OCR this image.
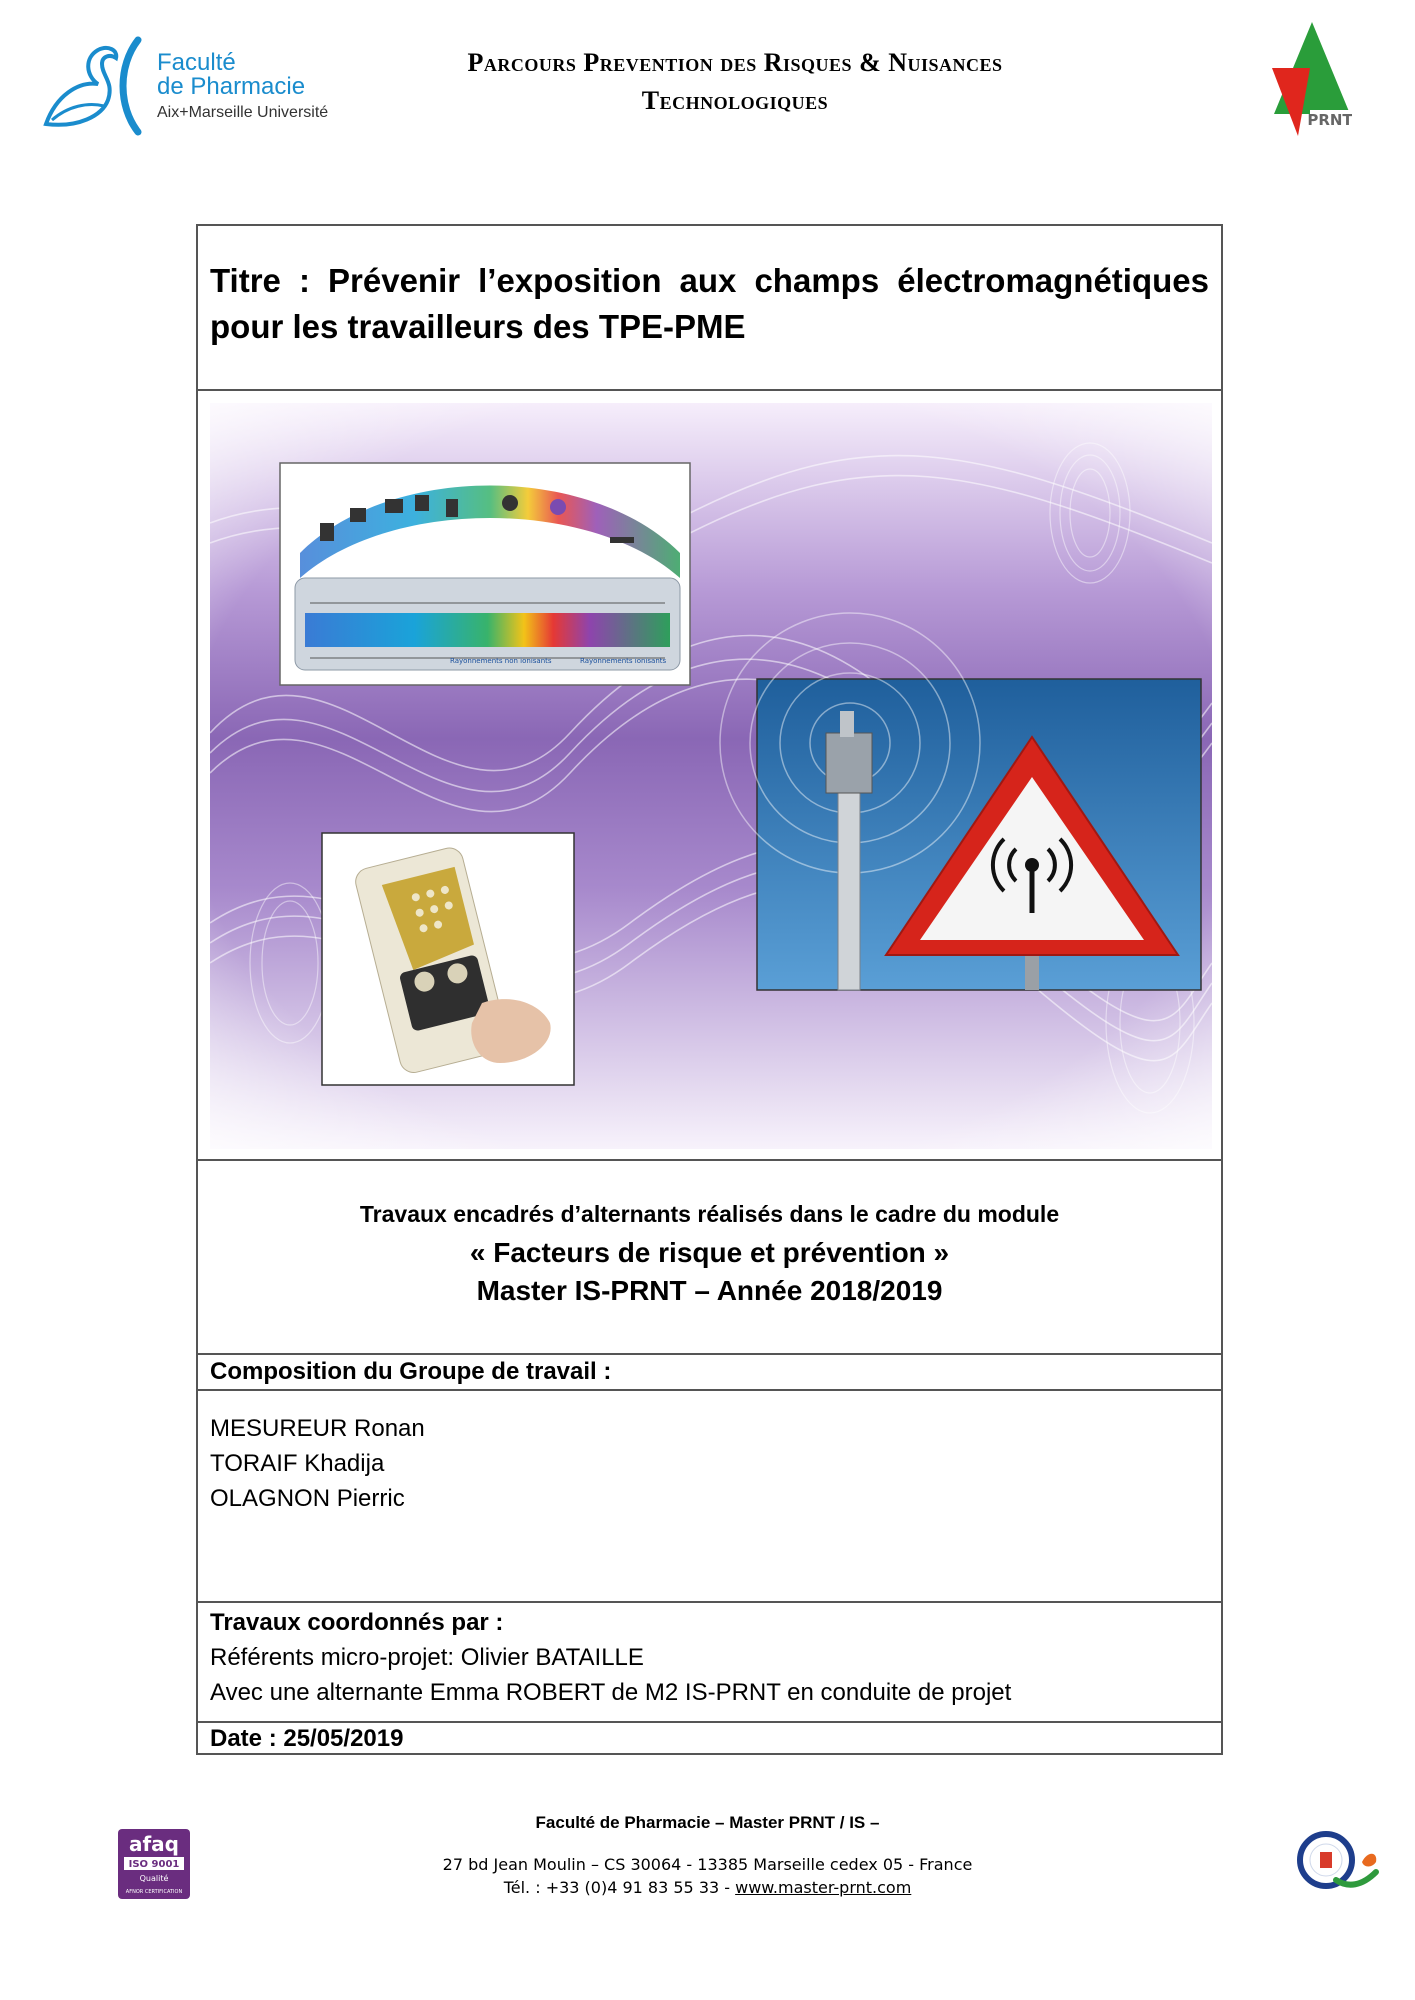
Faculté
de Pharmacie
Aix+Marseille Université
Parcours Prevention des Risques & Nuisances
Technologiques
PRNT
Titre : Prévenir l’exposition aux champs électromagnétiques pour les travailleurs des TPE-PME
Rayonnements non ionisants	Rayonnements ionisants
Travaux encadrés d’alternants réalisés dans le cadre du module
« Facteurs de risque et prévention »
Master IS-PRNT – Année 2018/2019
Composition du Groupe de travail :
MESUREUR Ronan
TORAIF Khadija
OLAGNON Pierric
Travaux coordonnés par :
Référents micro-projet: Olivier BATAILLE
Avec une alternante Emma ROBERT de M2 IS-PRNT en conduite de projet
Date : 25/05/2019
afaq
ISO 9001
Qualité
AFNOR CERTIFICATION
Faculté de Pharmacie – Master PRNT / IS –
27 bd Jean Moulin – CS 30064 - 13385 Marseille cedex 05 - France
Tél. : +33 (0)4 91 83 55 33 - www.master-prnt.com
